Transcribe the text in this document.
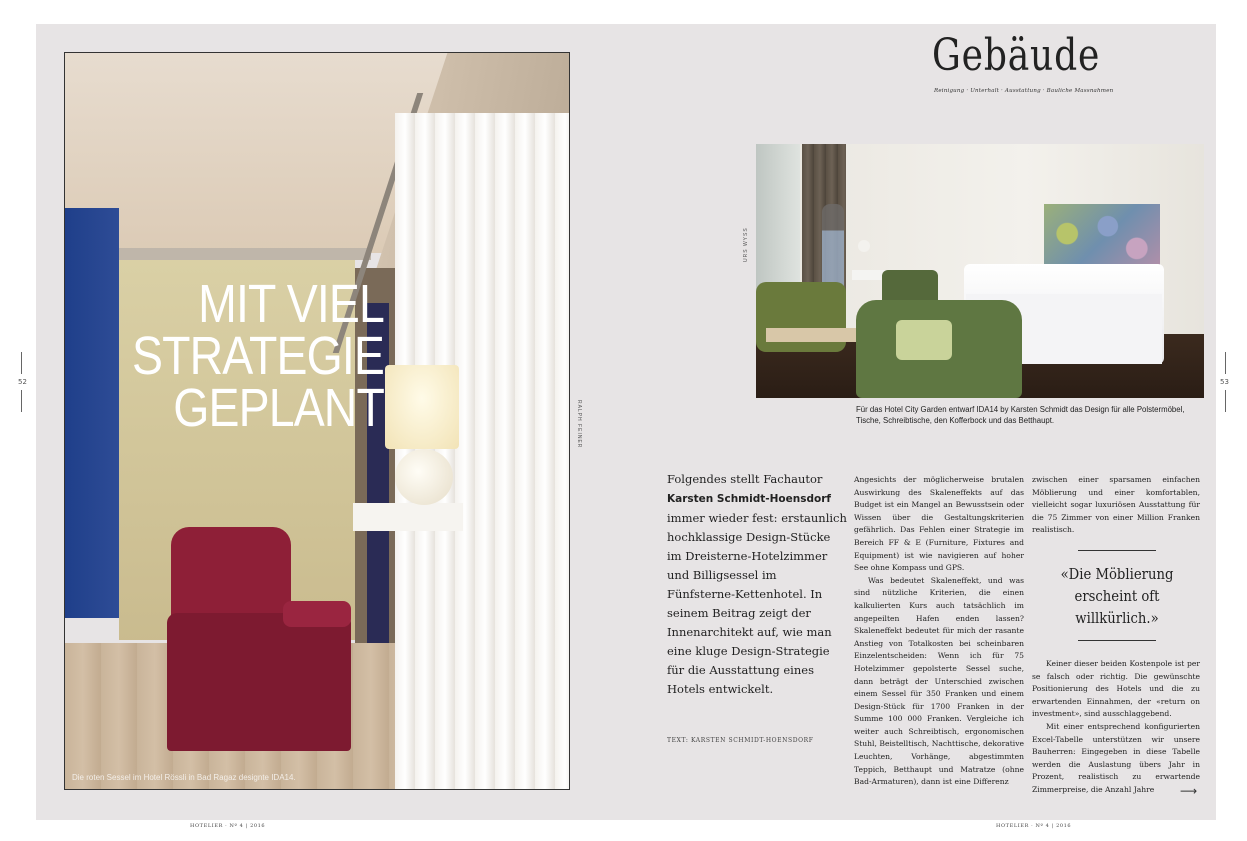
52	53
MIT VIEL
STRATEGIE
GEPLANT
Die roten Sessel im Hotel Rössli in Bad Ragaz designte IDA14.
RALPH FEINER
Gebäude
Reinigung · Unterhalt · Ausstattung · Bauliche Massnahmen
URS WYSS
Für das Hotel City Garden entwarf IDA14 by Karsten Schmidt das Design für alle Polstermöbel, Tische, Schreibtische, den Kofferbock und das Betthaupt.
Folgendes stellt Fachautor Karsten Schmidt-Hoensdorf immer wieder fest: erstaunlich hochklassige Design-Stücke im Dreisterne-Hotelzimmer und Billigsessel im Fünfsterne-Kettenhotel. In seinem Beitrag zeigt der Innenarchitekt auf, wie man eine kluge Design-Strategie für die Ausstattung eines Hotels entwickelt.
TEXT: KARSTEN SCHMIDT-HOENSDORF

Angesichts der möglicherweise brutalen Auswirkung des Skaleneffekts auf das Budget ist ein Mangel an Bewusstsein oder Wissen über die Gestaltungskriterien gefährlich. Das Fehlen einer Strategie im Bereich FF & E (Furniture, Fixtures and Equipment) ist wie navigieren auf hoher See ohne Kompass und GPS.

Was bedeutet Skaleneffekt, und was sind nützliche Kriterien, die einen kalkulierten Kurs auch tatsächlich im angepeilten Hafen enden lassen? Skaleneffekt bedeutet für mich der rasante Anstieg von Totalkosten bei scheinbaren Einzelentscheiden: Wenn ich für 75 Hotelzimmer gepolsterte Sessel suche, dann beträgt der Unterschied zwischen einem Sessel für 350 Franken und einem Design-Stück für 1700 Franken in der Summe 100 000 Franken. Vergleiche ich weiter auch Schreibtisch, ergonomischen Stuhl, Beistelltisch, Nachttische, dekorative Leuchten, Vorhänge, abgestimmten Teppich, Betthaupt und Matratze (ohne Bad-Armaturen), dann ist eine Differenz

zwischen einer sparsamen einfachen Möblierung und einer komfortablen, vielleicht sogar luxuriösen Ausstattung für die 75 Zimmer von einer Million Franken realistisch.

Keiner dieser beiden Kostenpole ist per se falsch oder richtig. Die gewünschte Positionierung des Hotels und die zu erwartenden Einnahmen, der «return on investment», sind ausschlaggebend.

Mit einer entsprechend konfigurierten Excel-Tabelle unterstützen wir unsere Bauherren: Eingegeben in diese Tabelle werden die Auslastung übers Jahr in Prozent, realistisch zu erwartende Zimmerpreise, die Anzahl Jahre

«Die Möblierung
erscheint oft
willkürlich.»
⟶
HOTELIER · Nº 4 | 2016	HOTELIER · Nº 4 | 2016
